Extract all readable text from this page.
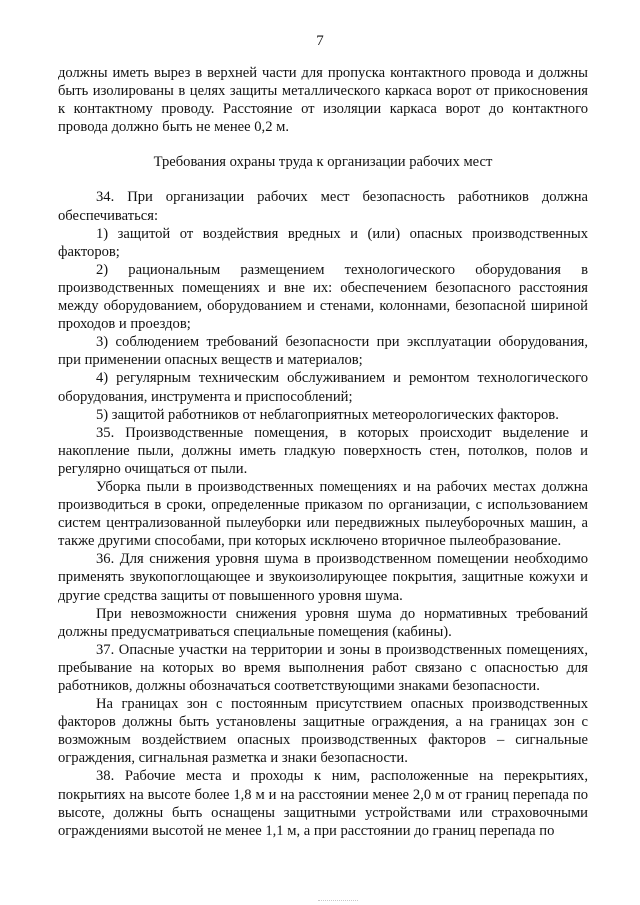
7

должны иметь вырез в верхней части для пропуска контактного провода и должны быть изолированы в целях защиты металлического каркаса ворот от прикосновения к контактному проводу. Расстояние от изоляции каркаса ворот до контактного провода должно быть не менее 0,2 м.

Требования охраны труда к организации рабочих мест

34. При организации рабочих мест безопасность работников должна обеспечиваться:

1) защитой от воздействия вредных и (или) опасных производственных факторов;

2) рациональным размещением технологического оборудования в производственных помещениях и вне их: обеспечением безопасного расстояния между оборудованием, оборудованием и стенами, колоннами, безопасной шириной проходов и проездов;

3) соблюдением требований безопасности при эксплуатации оборудования, при применении опасных веществ и материалов;

4) регулярным техническим обслуживанием и ремонтом технологического оборудования, инструмента и приспособлений;

5) защитой работников от неблагоприятных метеорологических факторов.

35. Производственные помещения, в которых происходит выделение и накопление пыли, должны иметь гладкую поверхность стен, потолков, полов и регулярно очищаться от пыли.

Уборка пыли в производственных помещениях и на рабочих местах должна производиться в сроки, определенные приказом по организации, с использованием систем централизованной пылеуборки или передвижных пылеуборочных машин, а также другими способами, при которых исключено вторичное пылеобразование.

36. Для снижения уровня шума в производственном помещении необходимо применять звукопоглощающее и звукоизолирующее покрытия, защитные кожухи и другие средства защиты от повышенного уровня шума.

При невозможности снижения уровня шума до нормативных требований должны предусматриваться специальные помещения (кабины).

37. Опасные участки на территории и зоны в производственных помещениях, пребывание на которых во время выполнения работ связано с опасностью для работников, должны обозначаться соответствующими знаками безопасности.

На границах зон с постоянным присутствием опасных производственных факторов должны быть установлены защитные ограждения, а на границах зон с возможным воздействием опасных производственных факторов – сигнальные ограждения, сигнальная разметка и знаки безопасности.

38. Рабочие места и проходы к ним, расположенные на перекрытиях, покрытиях на высоте более 1,8 м и на расстоянии менее 2,0 м от границ перепада по высоте, должны быть оснащены защитными устройствами или страховочными ограждениями высотой не менее 1,1 м, а при расстоянии до границ перепада по
